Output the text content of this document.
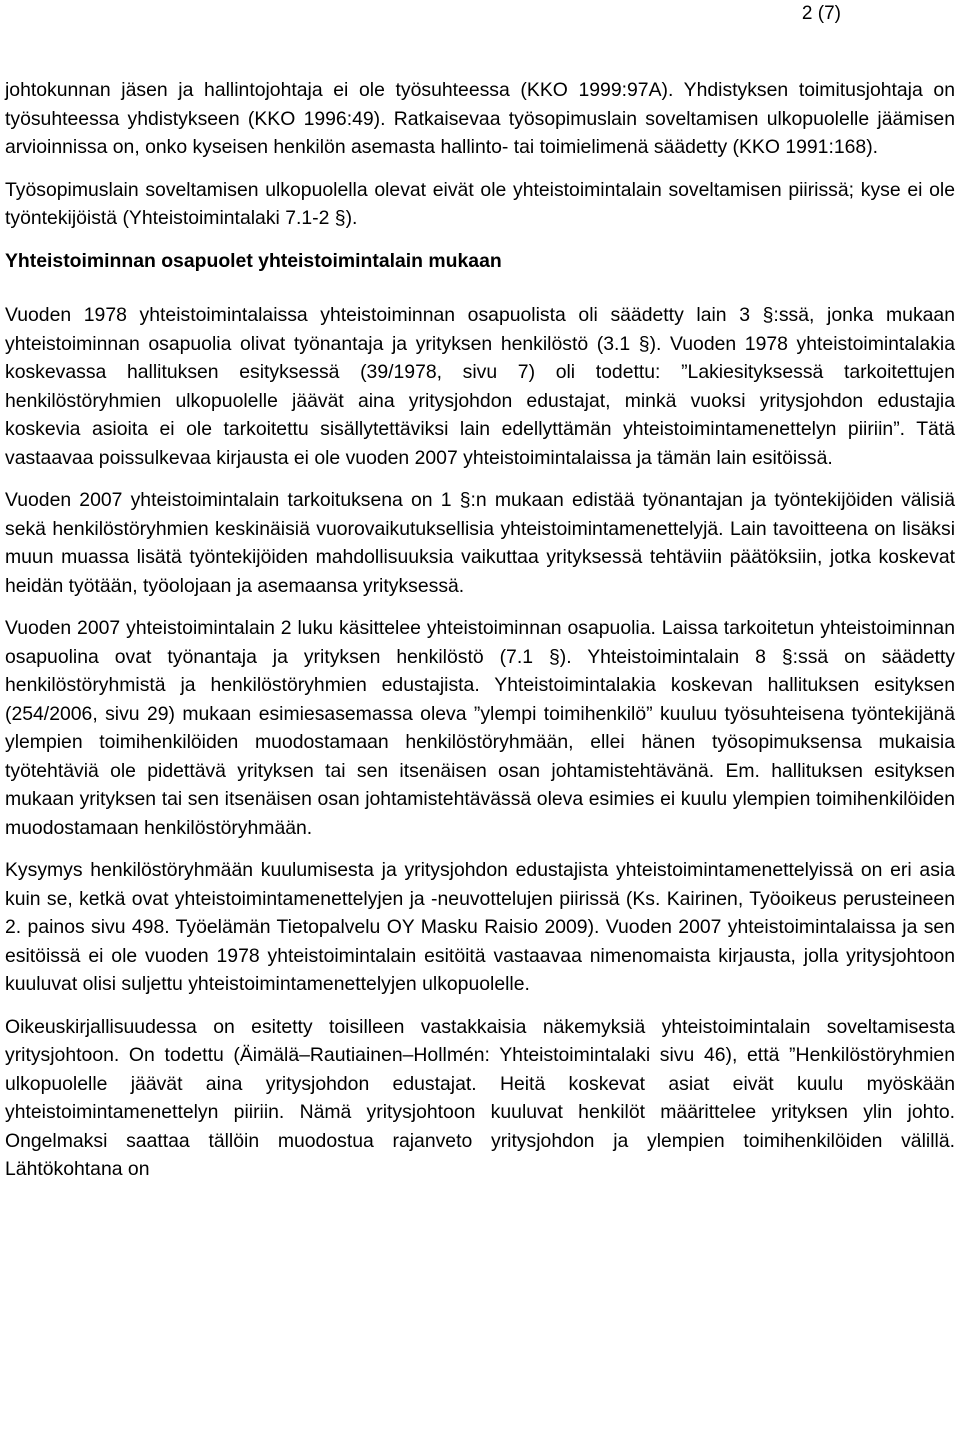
2 (7)

johtokunnan jäsen ja hallintojohtaja ei ole työsuhteessa (KKO 1999:97A). Yhdistyksen toimitusjohtaja on työsuhteessa yhdistykseen (KKO 1996:49). Ratkaisevaa työsopimuslain soveltamisen ulkopuolelle jäämisen arvioinnissa on, onko kyseisen henkilön asemasta hallinto- tai toimielimenä säädetty (KKO 1991:168).

Työsopimuslain soveltamisen ulkopuolella olevat eivät ole yhteistoimintalain soveltamisen piirissä; kyse ei ole työntekijöistä (Yhteistoimintalaki 7.1-2 §).

Yhteistoiminnan osapuolet yhteistoimintalain mukaan

Vuoden 1978 yhteistoimintalaissa yhteistoiminnan osapuolista oli säädetty lain 3 §:ssä, jonka mukaan yhteistoiminnan osapuolia olivat työnantaja ja yrityksen henkilöstö (3.1 §). Vuoden 1978 yhteistoimintalakia koskevassa hallituksen esityksessä (39/1978, sivu 7) oli todettu: ”Lakiesityksessä tarkoitettujen henkilöstöryhmien ulkopuolelle jäävät aina yritysjohdon edustajat, minkä vuoksi yritysjohdon edustajia koskevia asioita ei ole tarkoitettu sisällytettäviksi lain edellyttämän yhteistoimintamenettelyn piiriin”. Tätä vastaavaa poissulkevaa kirjausta ei ole vuoden 2007 yhteistoimintalaissa ja tämän lain esitöissä.

Vuoden 2007 yhteistoimintalain tarkoituksena on 1 §:n mukaan edistää työnantajan ja työntekijöiden välisiä sekä henkilöstöryhmien keskinäisiä vuorovaikutuksellisia yhteistoimintamenettelyjä. Lain tavoitteena on lisäksi muun muassa lisätä työntekijöiden mahdollisuuksia vaikuttaa yrityksessä tehtäviin päätöksiin, jotka koskevat heidän työtään, työolojaan ja asemaansa yrityksessä.

Vuoden 2007 yhteistoimintalain 2 luku käsittelee yhteistoiminnan osapuolia. Laissa tarkoitetun yhteistoiminnan osapuolina ovat työnantaja ja yrityksen henkilöstö (7.1 §). Yhteistoimintalain 8 §:ssä on säädetty henkilöstöryhmistä ja henkilöstöryhmien edustajista. Yhteistoimintalakia koskevan hallituksen esityksen (254/2006, sivu 29) mukaan esimiesasemassa oleva ”ylempi toimihenkilö” kuuluu työsuhteisena työntekijänä ylempien toimihenkilöiden muodostamaan henkilöstöryhmään, ellei hänen työsopimuksensa mukaisia työtehtäviä ole pidettävä yrityksen tai sen itsenäisen osan johtamistehtävänä. Em. hallituksen esityksen mukaan yrityksen tai sen itsenäisen osan johtamistehtävässä oleva esimies ei kuulu ylempien toimihenkilöiden muodostamaan henkilöstöryhmään.

Kysymys henkilöstöryhmään kuulumisesta ja yritysjohdon edustajista yhteistoimintamenettelyissä on eri asia kuin se, ketkä ovat yhteistoimintamenettelyjen ja -neuvottelujen piirissä (Ks. Kairinen, Työoikeus perusteineen 2. painos sivu 498. Työelämän Tietopalvelu OY Masku Raisio 2009). Vuoden 2007 yhteistoimintalaissa ja sen esitöissä ei ole vuoden 1978 yhteistoimintalain esitöitä vastaavaa nimenomaista kirjausta, jolla yritysjohtoon kuuluvat olisi suljettu yhteistoimintamenettelyjen ulkopuolelle.

Oikeuskirjallisuudessa on esitetty toisilleen vastakkaisia näkemyksiä yhteistoimintalain soveltamisesta yritysjohtoon. On todettu (Äimälä–Rautiainen–Hollmén: Yhteistoimintalaki sivu 46), että ”Henkilöstöryhmien ulkopuolelle jäävät aina yritysjohdon edustajat. Heitä koskevat asiat eivät kuulu myöskään yhteistoimintamenettelyn piiriin. Nämä yritysjohtoon kuuluvat henkilöt määrittelee yrityksen ylin johto. Ongelmaksi saattaa tällöin muodostua rajanveto yritysjohdon ja ylempien toimihenkilöiden välillä. Lähtökohtana on
